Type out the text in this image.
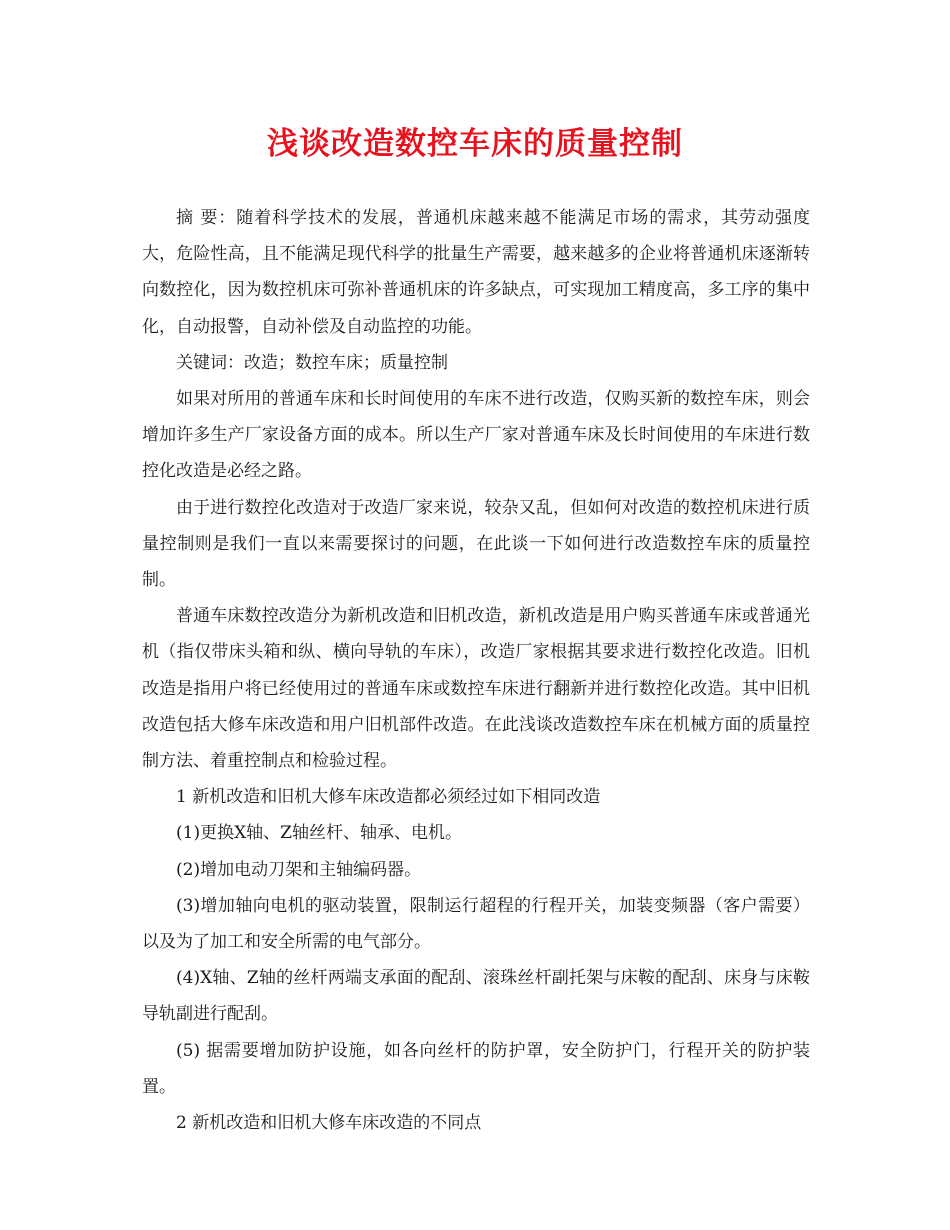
浅谈改造数控车床的质量控制

摘 要：随着科学技术的发展，普通机床越来越不能满足市场的需求，其劳动强度大，危险性高，且不能满足现代科学的批量生产需要，越来越多的企业将普通机床逐渐转向数控化，因为数控机床可弥补普通机床的许多缺点，可实现加工精度高，多工序的集中化，自动报警，自动补偿及自动监控的功能。

关键词：改造；数控车床；质量控制

如果对所用的普通车床和长时间使用的车床不进行改造，仅购买新的数控车床，则会增加许多生产厂家设备方面的成本。所以生产厂家对普通车床及长时间使用的车床进行数控化改造是必经之路。

由于进行数控化改造对于改造厂家来说，较杂又乱，但如何对改造的数控机床进行质量控制则是我们一直以来需要探讨的问题，在此谈一下如何进行改造数控车床的质量控制。

普通车床数控改造分为新机改造和旧机改造，新机改造是用户购买普通车床或普通光机（指仅带床头箱和纵、横向导轨的车床），改造厂家根据其要求进行数控化改造。旧机改造是指用户将已经使用过的普通车床或数控车床进行翻新并进行数控化改造。其中旧机改造包括大修车床改造和用户旧机部件改造。在此浅谈改造数控车床在机械方面的质量控制方法、着重控制点和检验过程。

1 新机改造和旧机大修车床改造都必须经过如下相同改造

(1)更换X轴、Z轴丝杆、轴承、电机。

(2)增加电动刀架和主轴编码器。

(3)增加轴向电机的驱动装置，限制运行超程的行程开关，加装变频器（客户需要）以及为了加工和安全所需的电气部分。

(4)X轴、Z轴的丝杆两端支承面的配刮、滚珠丝杆副托架与床鞍的配刮、床身与床鞍导轨副进行配刮。

(5) 据需要增加防护设施，如各向丝杆的防护罩，安全防护门，行程开关的防护装置。

2 新机改造和旧机大修车床改造的不同点
